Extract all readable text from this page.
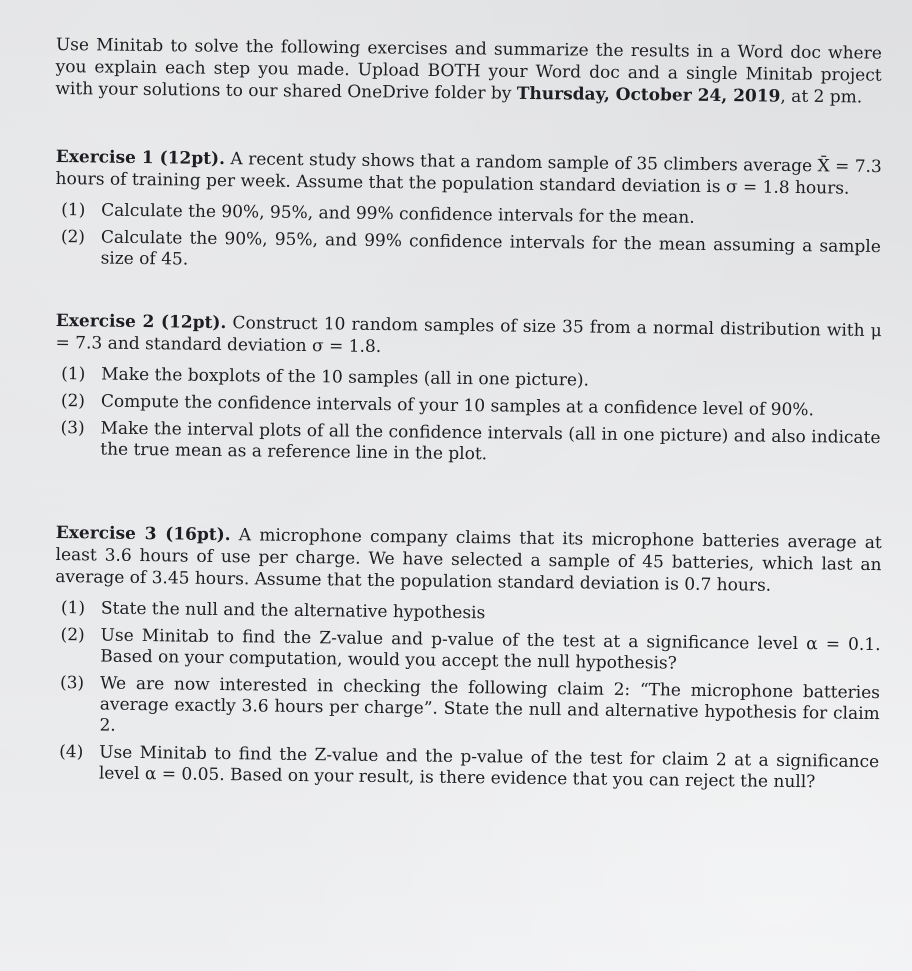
Use Minitab to solve the following exercises and summarize the results in a Word doc where you explain each step you made. Upload BOTH your Word doc and a single Minitab project with your solutions to our shared OneDrive folder by Thursday, October 24, 2019, at 2 pm.

Exercise 1 (12pt). A recent study shows that a random sample of 35 climbers average X̄ = 7.3 hours of training per week. Assume that the population standard deviation is σ = 1.8 hours.

(1) Calculate the 90%, 95%, and 99% confidence intervals for the mean.
(2) Calculate the 90%, 95%, and 99% confidence intervals for the mean assuming a sample size of 45.

Exercise 2 (12pt). Construct 10 random samples of size 35 from a normal distribution with μ = 7.3 and standard deviation σ = 1.8.

(1) Make the boxplots of the 10 samples (all in one picture).
(2) Compute the confidence intervals of your 10 samples at a confidence level of 90%.
(3) Make the interval plots of all the confidence intervals (all in one picture) and also indicate the true mean as a reference line in the plot.

Exercise 3 (16pt). A microphone company claims that its microphone batteries average at least 3.6 hours of use per charge. We have selected a sample of 45 batteries, which last an average of 3.45 hours. Assume that the population standard deviation is 0.7 hours.

(1) State the null and the alternative hypothesis
(2) Use Minitab to find the Z-value and p-value of the test at a significance level α = 0.1. Based on your computation, would you accept the null hypothesis?
(3) We are now interested in checking the following claim 2: “The microphone batteries average exactly 3.6 hours per charge”. State the null and alternative hypothesis for claim 2.
(4) Use Minitab to find the Z-value and the p-value of the test for claim 2 at a significance level α = 0.05. Based on your result, is there evidence that you can reject the null?
